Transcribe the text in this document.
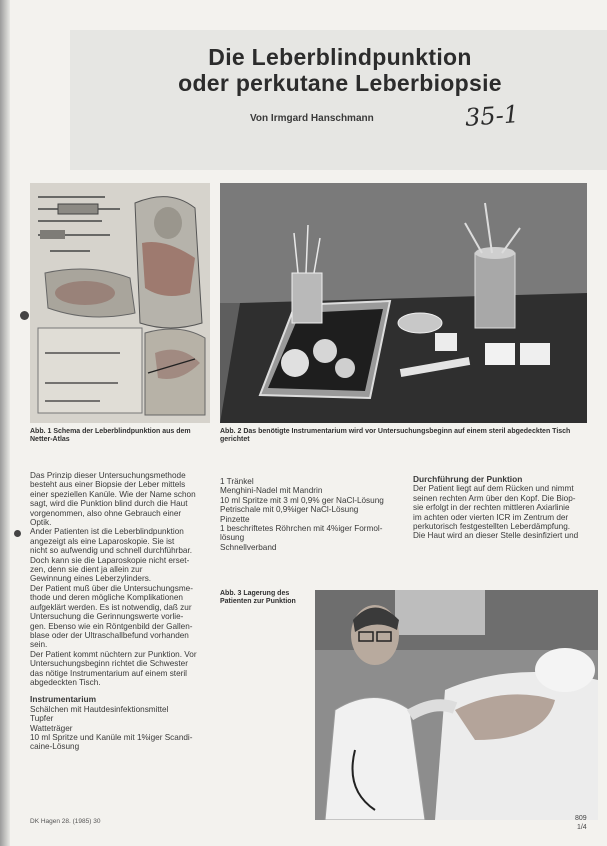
Die Leberblindpunktion
oder perkutane Leberbiopsie
Von Irmgard Hanschmann	35-1
Abb. 1 Schema der Leberblindpunktion aus dem Netter-Atlas
Abb. 2 Das benötigte Instrumentarium wird vor Untersuchungsbeginn auf einem steril abgedeckten Tisch gerichtet
Abb. 3 Lagerung des Patienten zur Punktion
Das Prinzip dieser Untersuchungsmethode
besteht aus einer Biopsie der Leber mittels
einer speziellen Kanüle. Wie der Name schon
sagt, wird die Punktion blind durch die Haut
vorgenommen, also ohne Gebrauch einer
Optik.
Ander Patienten ist die Leberblindpunktion
angezeigt als eine Laparoskopie. Sie ist
nicht so aufwendig und schnell durchführbar.
Doch kann sie die Laparoskopie nicht erset-
zen, denn sie dient ja allein zur
Gewinnung eines Leberzylinders.
Der Patient muß über die Untersuchungsme-
thode und deren mögliche Komplikationen
aufgeklärt werden. Es ist notwendig, daß zur
Untersuchung die Gerinnungswerte vorlie-
gen. Ebenso wie ein Röntgenbild der Gallen-
blase oder der Ultraschallbefund vorhanden
sein.
Der Patient kommt nüchtern zur Punktion. Vor
Untersuchungsbeginn richtet die Schwester
das nötige Instrumentarium auf einem steril
abgedeckten Tisch.

Instrumentarium

Schälchen mit Hautdesinfektionsmittel
Tupfer
Watteträger
10 ml Spritze und Kanüle mit 1%iger Scandi-
caine-Lösung
1 Tränkel
Menghini-Nadel mit Mandrin
10 ml Spritze mit 3 ml 0,9% ger NaCl-Lösung
Petrischale mit 0,9%iger NaCl-Lösung
Pinzette
1 beschriftetes Röhrchen mit 4%iger Formol-
lösung
Schnellverband

Durchführung der Punktion

Der Patient liegt auf dem Rücken und nimmt
seinen rechten Arm über den Kopf. Die Biop-
sie erfolgt in der rechten mittleren Axiarlinie
im achten oder vierten ICR im Zentrum der
perkutorisch festgestellten Leberdämpfung.
Die Haut wird an dieser Stelle desinfiziert und
DK Hagen 28. (1985) 30	809
1/4
